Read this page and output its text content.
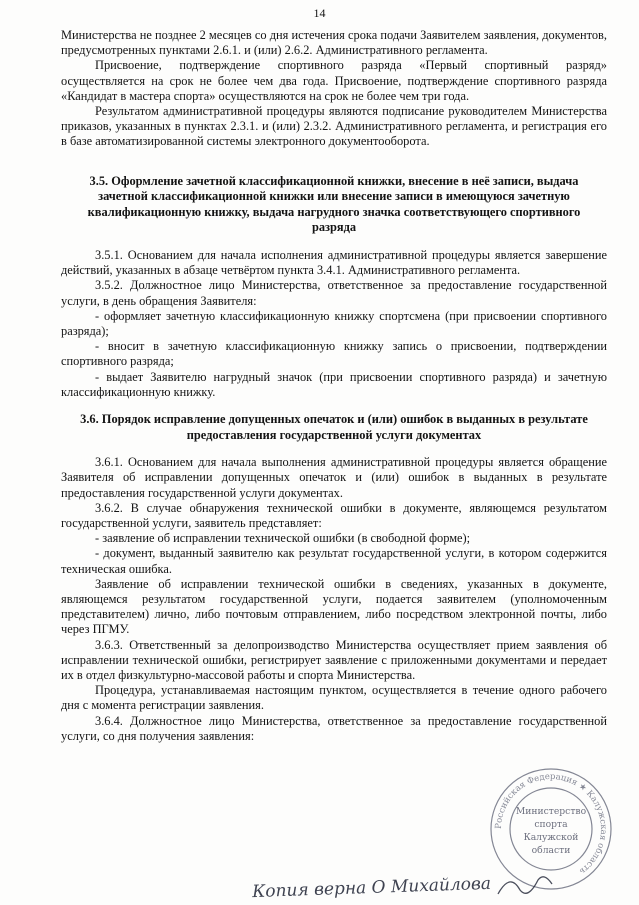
14

Министерства не позднее 2 месяцев со дня истечения срока подачи Заявителем заявления, документов, предусмотренных пунктами 2.6.1. и (или) 2.6.2. Административного регламента.

Присвоение, подтверждение спортивного разряда «Первый спортивный разряд» осуществляется на срок не более чем два года. Присвоение, подтверждение спортивного разряда «Кандидат в мастера спорта» осуществляются на срок не более чем три года.

Результатом административной процедуры являются подписание руководителем Министерства приказов, указанных в пунктах 2.3.1. и (или) 2.3.2. Административного регламента, и регистрация его в базе автоматизированной системы электронного документооборота.

3.5. Оформление зачетной классификационной книжки, внесение в неё записи, выдача зачетной классификационной книжки или внесение записи в имеющуюся зачетную квалификационную книжку, выдача нагрудного значка соответствующего спортивного разряда

3.5.1. Основанием для начала исполнения административной процедуры является завершение действий, указанных в абзаце четвёртом пункта 3.4.1. Административного регламента.

3.5.2. Должностное лицо Министерства, ответственное за предоставление государственной услуги, в день обращения Заявителя:

- оформляет зачетную классификационную книжку спортсмена (при присвоении спортивного разряда);

- вносит в зачетную классификационную книжку запись о присвоении, подтверждении спортивного разряда;

- выдает Заявителю нагрудный значок (при присвоении спортивного разряда) и зачетную классификационную книжку.

3.6. Порядок исправление допущенных опечаток и (или) ошибок в выданных в результате предоставления государственной услуги документах

3.6.1. Основанием для начала выполнения административной процедуры является обращение Заявителя об исправлении допущенных опечаток и (или) ошибок в выданных в результате предоставления государственной услуги документах.

3.6.2. В случае обнаружения технической ошибки в документе, являющемся результатом государственной услуги, заявитель представляет:

- заявление об исправлении технической ошибки (в свободной форме);

- документ, выданный заявителю как результат государственной услуги, в котором содержится техническая ошибка.

Заявление об исправлении технической ошибки в сведениях, указанных в документе, являющемся результатом государственной услуги, подается заявителем (уполномоченным представителем) лично, либо почтовым отправлением, либо посредством электронной почты, либо через ПГМУ.

3.6.3. Ответственный за делопроизводство Министерства осуществляет прием заявления об исправлении технической ошибки, регистрирует заявление с приложенными документами и передает их в отдел физкультурно-массовой работы и спорта Министерства.

Процедура, устанавливаемая настоящим пунктом, осуществляется в течение одного рабочего дня с момента регистрации заявления.

3.6.4. Должностное лицо Министерства, ответственное за предоставление государственной услуги, со дня получения заявления:

Российская Федерация ★ Калужская область
Министерство
спорта
Калужской
области
Копия верна О Михайлова
